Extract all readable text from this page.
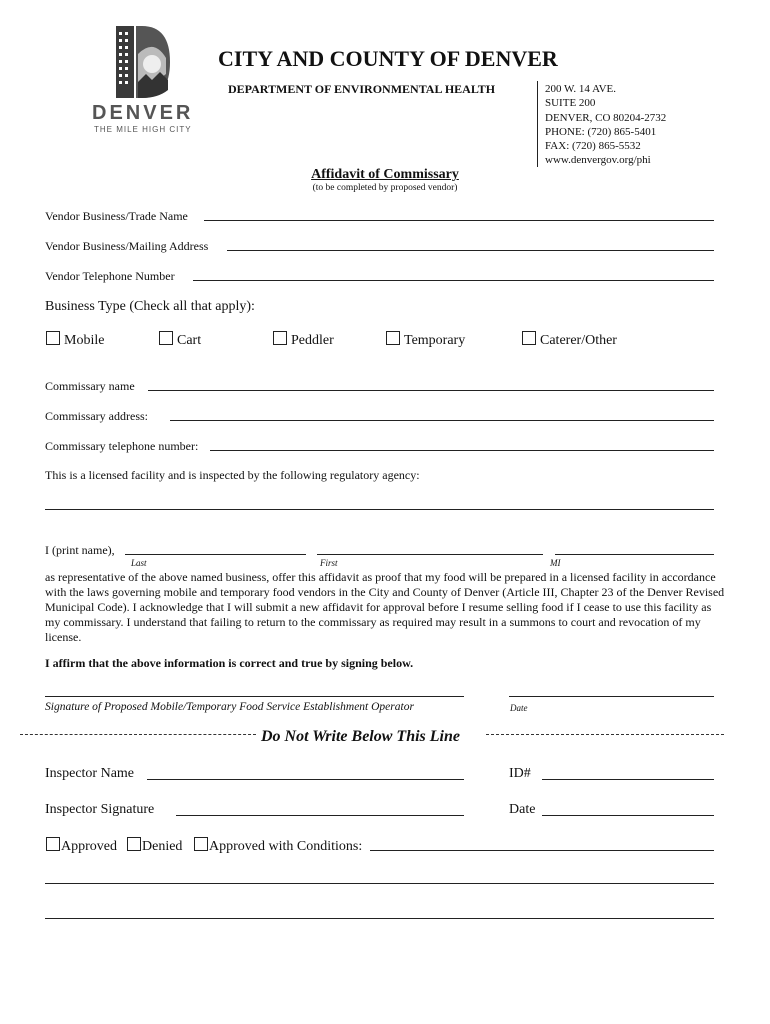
DENVER
THE MILE HIGH CITY
CITY AND COUNTY OF DENVER
DEPARTMENT OF ENVIRONMENTAL HEALTH	200 W. 14 AVE.
SUITE 200
DENVER, CO 80204-2732
PHONE: (720) 865-5401
FAX: (720) 865-5532
www.denvergov.org/phi
Affidavit of Commissary
(to be completed by proposed vendor)
Vendor Business/Trade Name
Vendor Business/Mailing Address
Vendor Telephone Number
Business Type (Check all that apply):
Mobile	Cart	Peddler	Temporary	Caterer/Other
Commissary name
Commissary address:
Commissary telephone number:
This is a licensed facility and is inspected by the following regulatory agency:
I (print name),
Last	First	MI
as representative of the above named business, offer this affidavit as proof that my food will be prepared in a licensed facility in accordance with the laws governing mobile and temporary food vendors in the City and County of Denver (Article III, Chapter 23 of the Denver Revised Municipal Code). I acknowledge that I will submit a new affidavit for approval before I resume selling food if I cease to use this facility as my commissary. I understand that failing to return to the commissary as required may result in a summons to court and revocation of my license.
I affirm that the above information is correct and true by signing below.
Signature of Proposed Mobile/Temporary Food Service Establishment Operator	Date
Do Not Write Below This Line
Inspector Name	ID#
Inspector Signature	Date
Approved	Denied	Approved with Conditions:
